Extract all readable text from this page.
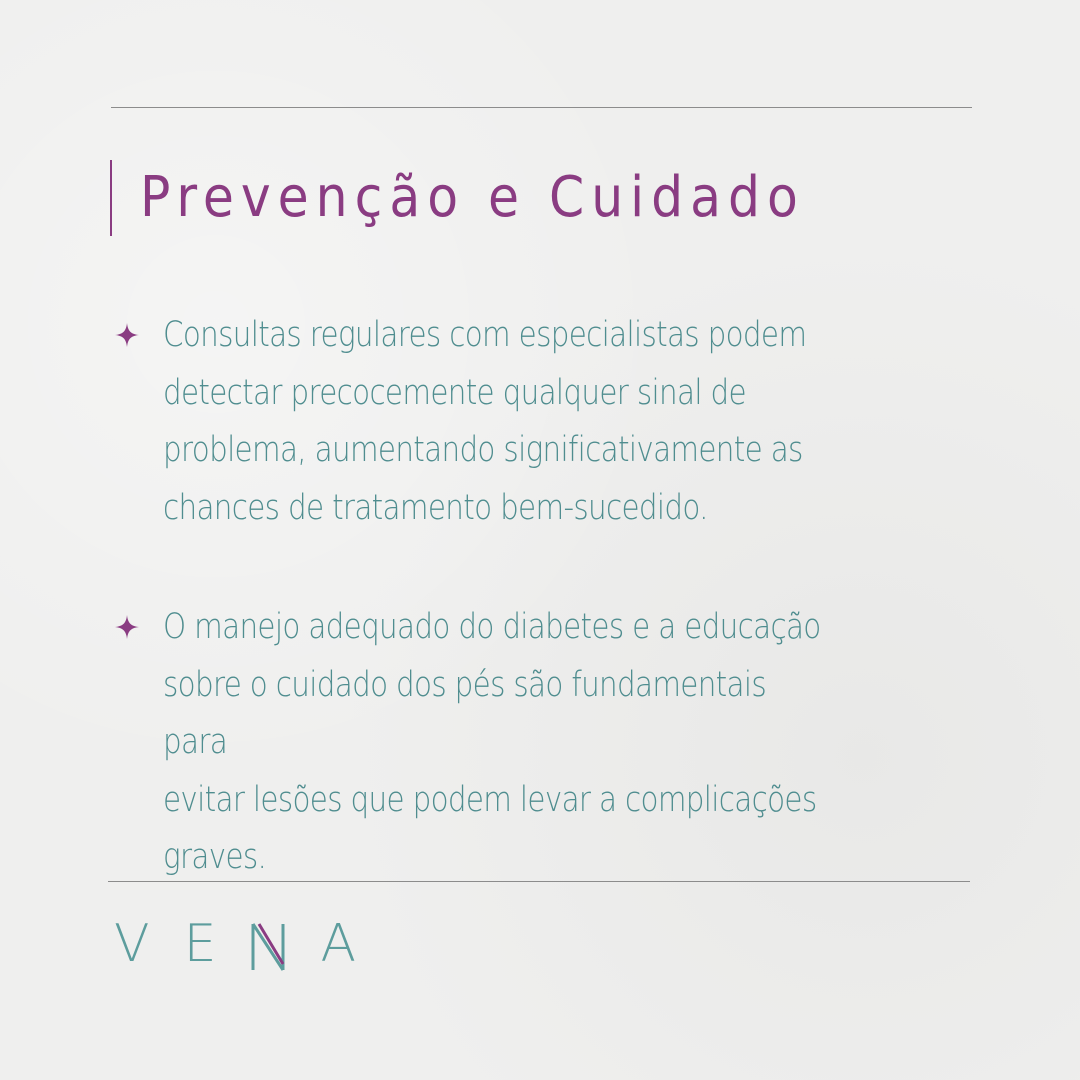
Prevenção e Cuidado
Consultas regulares com especialistas podem
detectar precocemente qualquer sinal de
problema, aumentando significativamente as
chances de tratamento bem-sucedido.
O manejo adequado do diabetes e a educação
sobre o cuidado dos pés são fundamentais para
evitar lesões que podem levar a complicações
graves.
V E A
